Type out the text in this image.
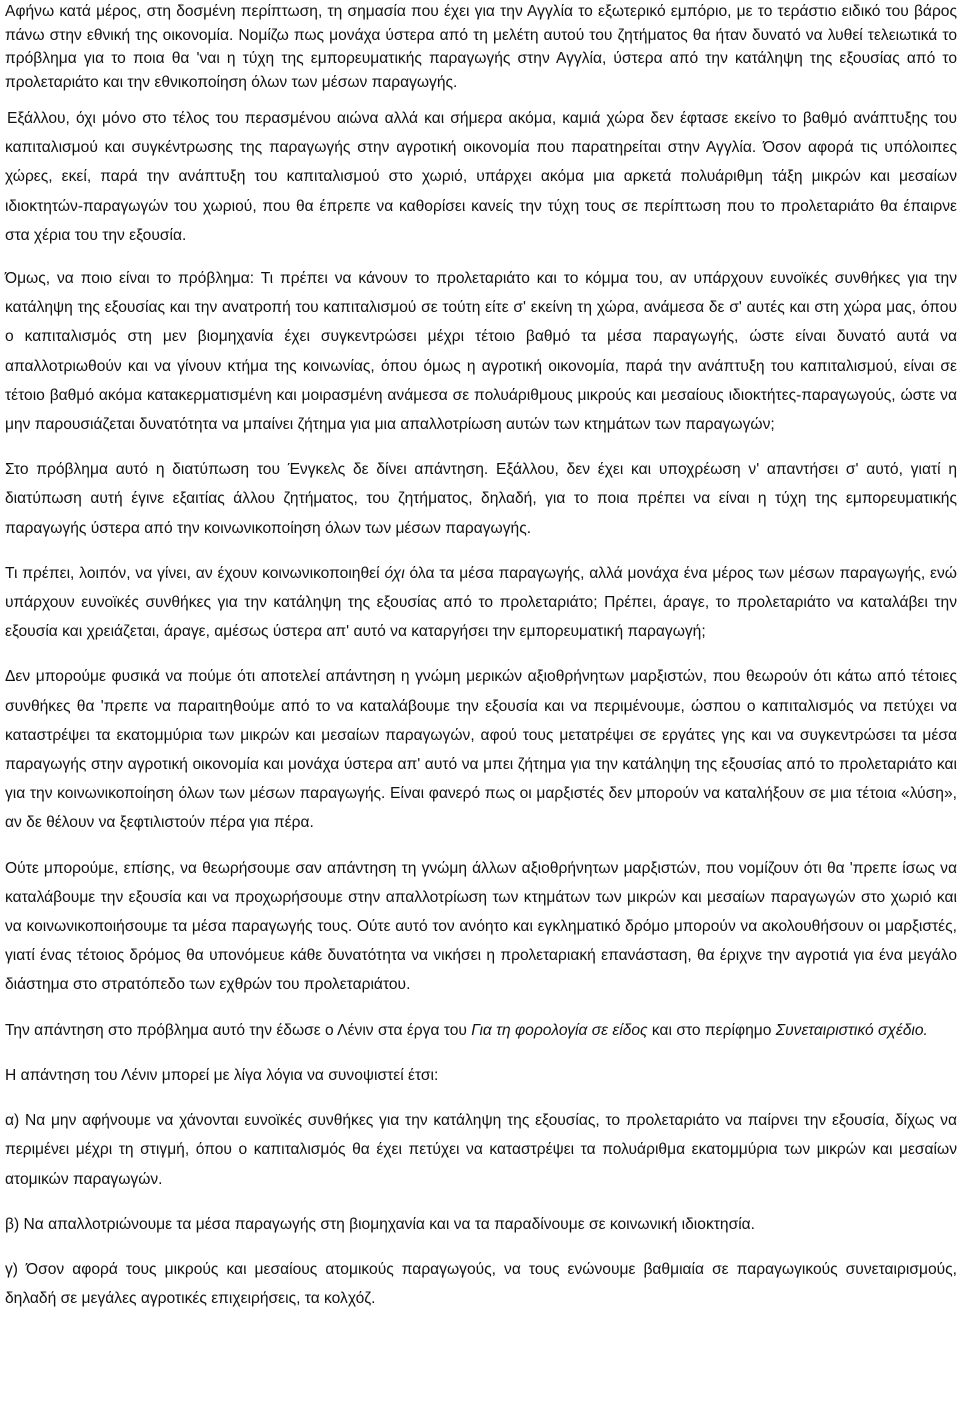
Αφήνω κατά μέρος, στη δοσμένη περίπτωση, τη σημασία που έχει για την Αγγλία το εξωτερικό εμπόριο, με το τεράστιο ειδικό του βάρος πάνω στην εθνική της οικονομία. Νομίζω πως μονάχα ύστερα από τη μελέτη αυτού του ζητήματος θα ήταν δυνατό να λυθεί τελειωτικά το πρόβλημα για το ποια θα 'ναι η τύχη της εμπορευματικής παραγωγής στην Αγγλία, ύστερα από την κατάληψη της εξουσίας από το προλεταριάτο και την εθνικοποίηση όλων των μέσων παραγωγής.

Εξάλλου, όχι μόνο στο τέλος του περασμένου αιώνα αλλά και σήμερα ακόμα, καμιά χώρα δεν έφτασε εκείνο το βαθμό ανάπτυξης του καπιταλισμού και συγκέντρωσης της παραγωγής στην αγροτική οικονομία που παρατηρείται στην Αγγλία. Όσον αφορά τις υπόλοιπες χώρες, εκεί, παρά την ανάπτυξη του καπιταλισμού στο χωριό, υπάρχει ακόμα μια αρκετά πολυάριθμη τάξη μικρών και μεσαίων ιδιοκτητών-παραγωγών του χωριού, που θα έπρεπε να καθορίσει κανείς την τύχη τους σε περίπτωση που το προλεταριάτο θα έπαιρνε στα χέρια του την εξουσία.

Όμως, να ποιο είναι το πρόβλημα: Τι πρέπει να κάνουν το προλεταριάτο και το κόμμα του, αν υπάρχουν ευνοϊκές συνθήκες για την κατάληψη της εξουσίας και την ανατροπή του καπιταλισμού σε τούτη είτε σ' εκείνη τη χώρα, ανάμεσα δε σ' αυτές και στη χώρα μας, όπου ο καπιταλισμός στη μεν βιομηχανία έχει συγκεντρώσει μέχρι τέτοιο βαθμό τα μέσα παραγωγής, ώστε είναι δυνατό αυτά να απαλλοτριωθούν και να γίνουν κτήμα της κοινωνίας, όπου όμως η αγροτική οικονομία, παρά την ανάπτυξη του καπιταλισμού, είναι σε τέτοιο βαθμό ακόμα κατακερματισμένη και μοιρασμένη ανάμεσα σε πολυάριθμους μικρούς και μεσαίους ιδιοκτήτες-παραγωγούς, ώστε να μην παρουσιάζεται δυνατότητα να μπαίνει ζήτημα για μια απαλλοτρίωση αυτών των κτημάτων των παραγωγών;

Στο πρόβλημα αυτό η διατύπωση του Ένγκελς δε δίνει απάντηση. Εξάλλου, δεν έχει και υποχρέωση ν' απαντήσει σ' αυτό, γιατί η διατύπωση αυτή έγινε εξαιτίας άλλου ζητήματος, του ζητήματος, δηλαδή, για το ποια πρέπει να είναι η τύχη της εμπορευματικής παραγωγής ύστερα από την κοινωνικοποίηση όλων των μέσων παραγωγής.

Τι πρέπει, λοιπόν, να γίνει, αν έχουν κοινωνικοποιηθεί όχι όλα τα μέσα παραγωγής, αλλά μονάχα ένα μέρος των μέσων παραγωγής, ενώ υπάρχουν ευνοϊκές συνθήκες για την κατάληψη της εξουσίας από το προλεταριάτο; Πρέπει, άραγε, το προλεταριάτο να καταλάβει την εξουσία και χρειάζεται, άραγε, αμέσως ύστερα απ' αυτό να καταργήσει την εμπορευματική παραγωγή;

Δεν μπορούμε φυσικά να πούμε ότι αποτελεί απάντηση η γνώμη μερικών αξιοθρήνητων μαρξιστών, που θεωρούν ότι κάτω από τέτοιες συνθήκες θα 'πρεπε να παραιτηθούμε από το να καταλάβουμε την εξουσία και να περιμένουμε, ώσπου ο καπιταλισμός να πετύχει να καταστρέψει τα εκατομμύρια των μικρών και μεσαίων παραγωγών, αφού τους μετατρέψει σε εργάτες γης και να συγκεντρώσει τα μέσα παραγωγής στην αγροτική οικονομία και μονάχα ύστερα απ' αυτό να μπει ζήτημα για την κατάληψη της εξουσίας από το προλεταριάτο και για την κοινωνικοποίηση όλων των μέσων παραγωγής. Είναι φανερό πως οι μαρξιστές δεν μπορούν να καταλήξουν σε μια τέτοια «λύση», αν δε θέλουν να ξεφτιλιστούν πέρα για πέρα.

Ούτε μπορούμε, επίσης, να θεωρήσουμε σαν απάντηση τη γνώμη άλλων αξιοθρήνητων μαρξιστών, που νομίζουν ότι θα 'πρεπε ίσως να καταλάβουμε την εξουσία και να προχωρήσουμε στην απαλλοτρίωση των κτημάτων των μικρών και μεσαίων παραγωγών στο χωριό και να κοινωνικοποιήσουμε τα μέσα παραγωγής τους. Ούτε αυτό τον ανόητο και εγκληματικό δρόμο μπορούν να ακολουθήσουν οι μαρξιστές, γιατί ένας τέτοιος δρόμος θα υπονόμευε κάθε δυνατότητα να νικήσει η προλεταριακή επανάσταση, θα έριχνε την αγροτιά για ένα μεγάλο διάστημα στο στρατόπεδο των εχθρών του προλεταριάτου.

Την απάντηση στο πρόβλημα αυτό την έδωσε ο Λένιν στα έργα του Για τη φορολογία σε είδος και στο περίφημο Συνεταιριστικό σχέδιο.

Η απάντηση του Λένιν μπορεί με λίγα λόγια να συνοψιστεί έτσι:

α) Να μην αφήνουμε να χάνονται ευνοϊκές συνθήκες για την κατάληψη της εξουσίας, το προλεταριάτο να παίρνει την εξουσία, δίχως να περιμένει μέχρι τη στιγμή, όπου ο καπιταλισμός θα έχει πετύχει να καταστρέψει τα πολυάριθμα εκατομμύρια των μικρών και μεσαίων ατομικών παραγωγών.

β) Να απαλλοτριώνουμε τα μέσα παραγωγής στη βιομηχανία και να τα παραδίνουμε σε κοινωνική ιδιοκτησία.

γ) Όσον αφορά τους μικρούς και μεσαίους ατομικούς παραγωγούς, να τους ενώνουμε βαθμιαία σε παραγωγικούς συνεταιρισμούς, δηλαδή σε μεγάλες αγροτικές επιχειρήσεις, τα κολχόζ.
